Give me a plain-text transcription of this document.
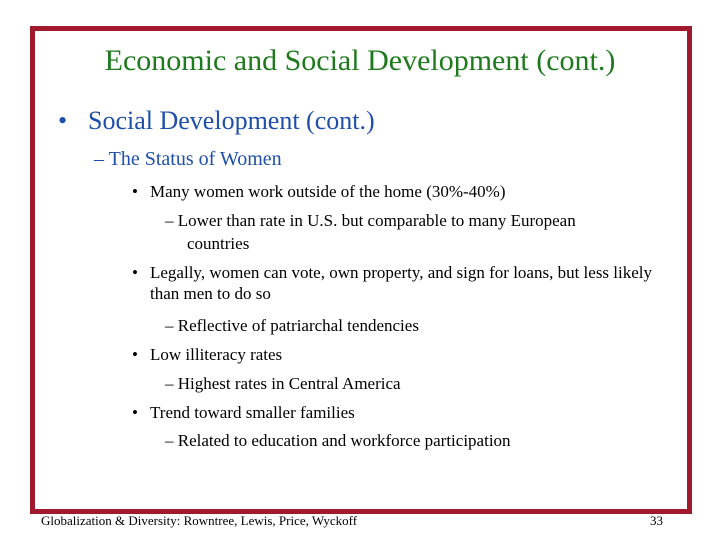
Economic and Social Development (cont.)
• Social Development (cont.)
– The Status of Women
• Many women work outside of the home (30%-40%)
– Lower than rate in U.S. but comparable to many European
countries
• Legally, women can vote, own property, and sign for loans, but less likely than men to do so
– Reflective of patriarchal tendencies
• Low illiteracy rates
– Highest rates in Central America
• Trend toward smaller families
– Related to education and workforce participation
Globalization & Diversity: Rowntree, Lewis, Price, Wyckoff	33
